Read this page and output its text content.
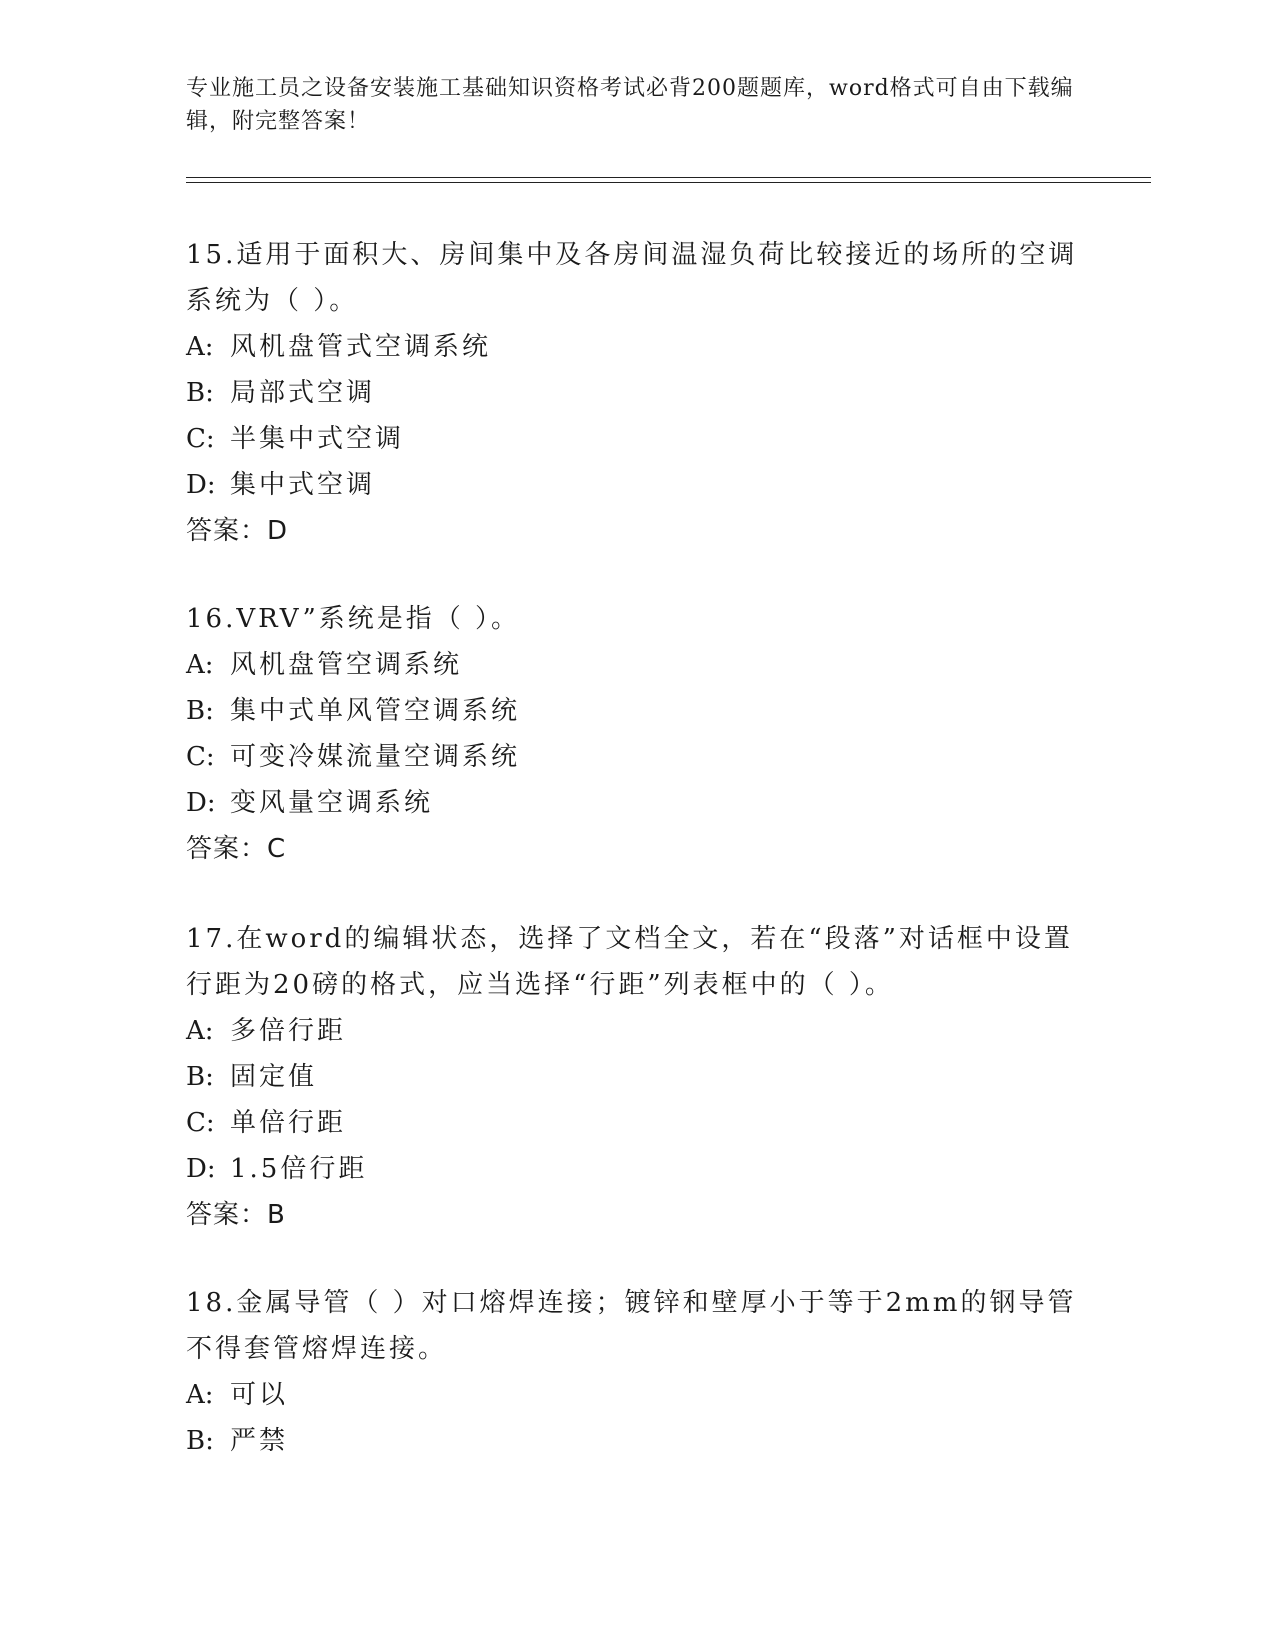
专业施工员之设备安装施工基础知识资格考试必背200题题库，word格式可自由下载编辑，附完整答案！

15.适用于面积大、房间集中及各房间温湿负荷比较接近的场所的空调系统为（ ）。

A: 风机盘管式空调系统

B: 局部式空调

C: 半集中式空调

D: 集中式空调

答案：D

16.VRV”系统是指（ ）。

A: 风机盘管空调系统

B: 集中式单风管空调系统

C: 可变冷媒流量空调系统

D: 变风量空调系统

答案：C

17.在word的编辑状态，选择了文档全文，若在“段落”对话框中设置行距为20磅的格式，应当选择“行距”列表框中的（ ）。

A: 多倍行距

B: 固定值

C: 单倍行距

D: 1.5倍行距

答案：B

18.金属导管（ ）对口熔焊连接；镀锌和壁厚小于等于2mm的钢导管不得套管熔焊连接。

A: 可以

B: 严禁
